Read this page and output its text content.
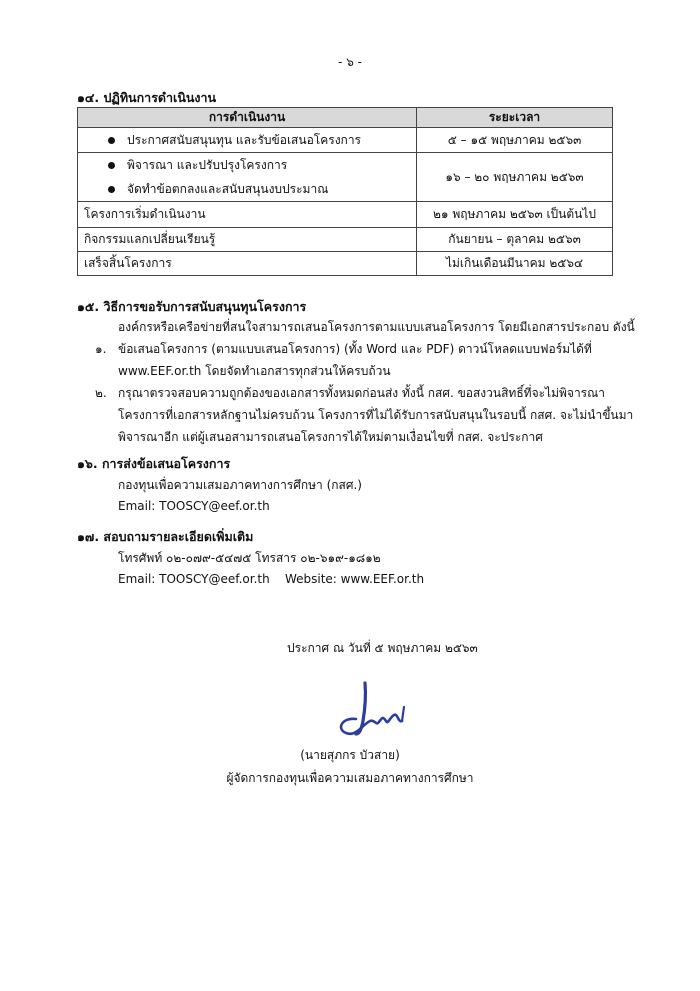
- ๖ -
๑๔. ปฏิทินการดำเนินงาน
การดำเนินงาน	ระยะเวลา

ประกาศสนับสนุนทุน และรับข้อเสนอโครงการ	๕ – ๑๕ พฤษภาคม ๒๕๖๓

พิจารณา และปรับปรุงโครงการ
จัดทำข้อตกลงและสนับสนุนงบประมาณ	๑๖ – ๒๐ พฤษภาคม ๒๕๖๓
โครงการเริ่มดำเนินงาน	๒๑ พฤษภาคม ๒๕๖๓ เป็นต้นไป
กิจกรรมแลกเปลี่ยนเรียนรู้	กันยายน – ตุลาคม ๒๕๖๓
เสร็จสิ้นโครงการ	ไม่เกินเดือนมีนาคม ๒๕๖๔
๑๕. วิธีการขอรับการสนับสนุนทุนโครงการ
องค์กรหรือเครือข่ายที่สนใจสามารถเสนอโครงการตามแบบเสนอโครงการ โดยมีเอกสารประกอบ ดังนี้
๑. ข้อเสนอโครงการ (ตามแบบเสนอโครงการ) (ทั้ง Word และ PDF) ดาวน์โหลดแบบฟอร์มได้ที่
www.EEF.or.th โดยจัดทำเอกสารทุกส่วนให้ครบถ้วน
๒. กรุณาตรวจสอบความถูกต้องของเอกสารทั้งหมดก่อนส่ง ทั้งนี้ กสศ. ขอสงวนสิทธิ์ที่จะไม่พิจารณา
โครงการที่เอกสารหลักฐานไม่ครบถ้วน โครงการที่ไม่ได้รับการสนับสนุนในรอบนี้ กสศ. จะไม่นำขึ้นมา
พิจารณาอีก แต่ผู้เสนอสามารถเสนอโครงการได้ใหม่ตามเงื่อนไขที่ กสศ. จะประกาศ
๑๖. การส่งข้อเสนอโครงการ
กองทุนเพื่อความเสมอภาคทางการศึกษา (กสศ.)
Email: TOOSCY@eef.or.th
๑๗. สอบถามรายละเอียดเพิ่มเติม
โทรศัพท์ ๐๒-๐๗๙-๕๔๗๕ โทรสาร ๐๒-๖๑๙-๑๘๑๒
Email: TOOSCY@eef.or.th    Website: www.EEF.or.th
ประกาศ ณ วันที่ ๕ พฤษภาคม ๒๕๖๓
(นายสุภกร บัวสาย)
ผู้จัดการกองทุนเพื่อความเสมอภาคทางการศึกษา
